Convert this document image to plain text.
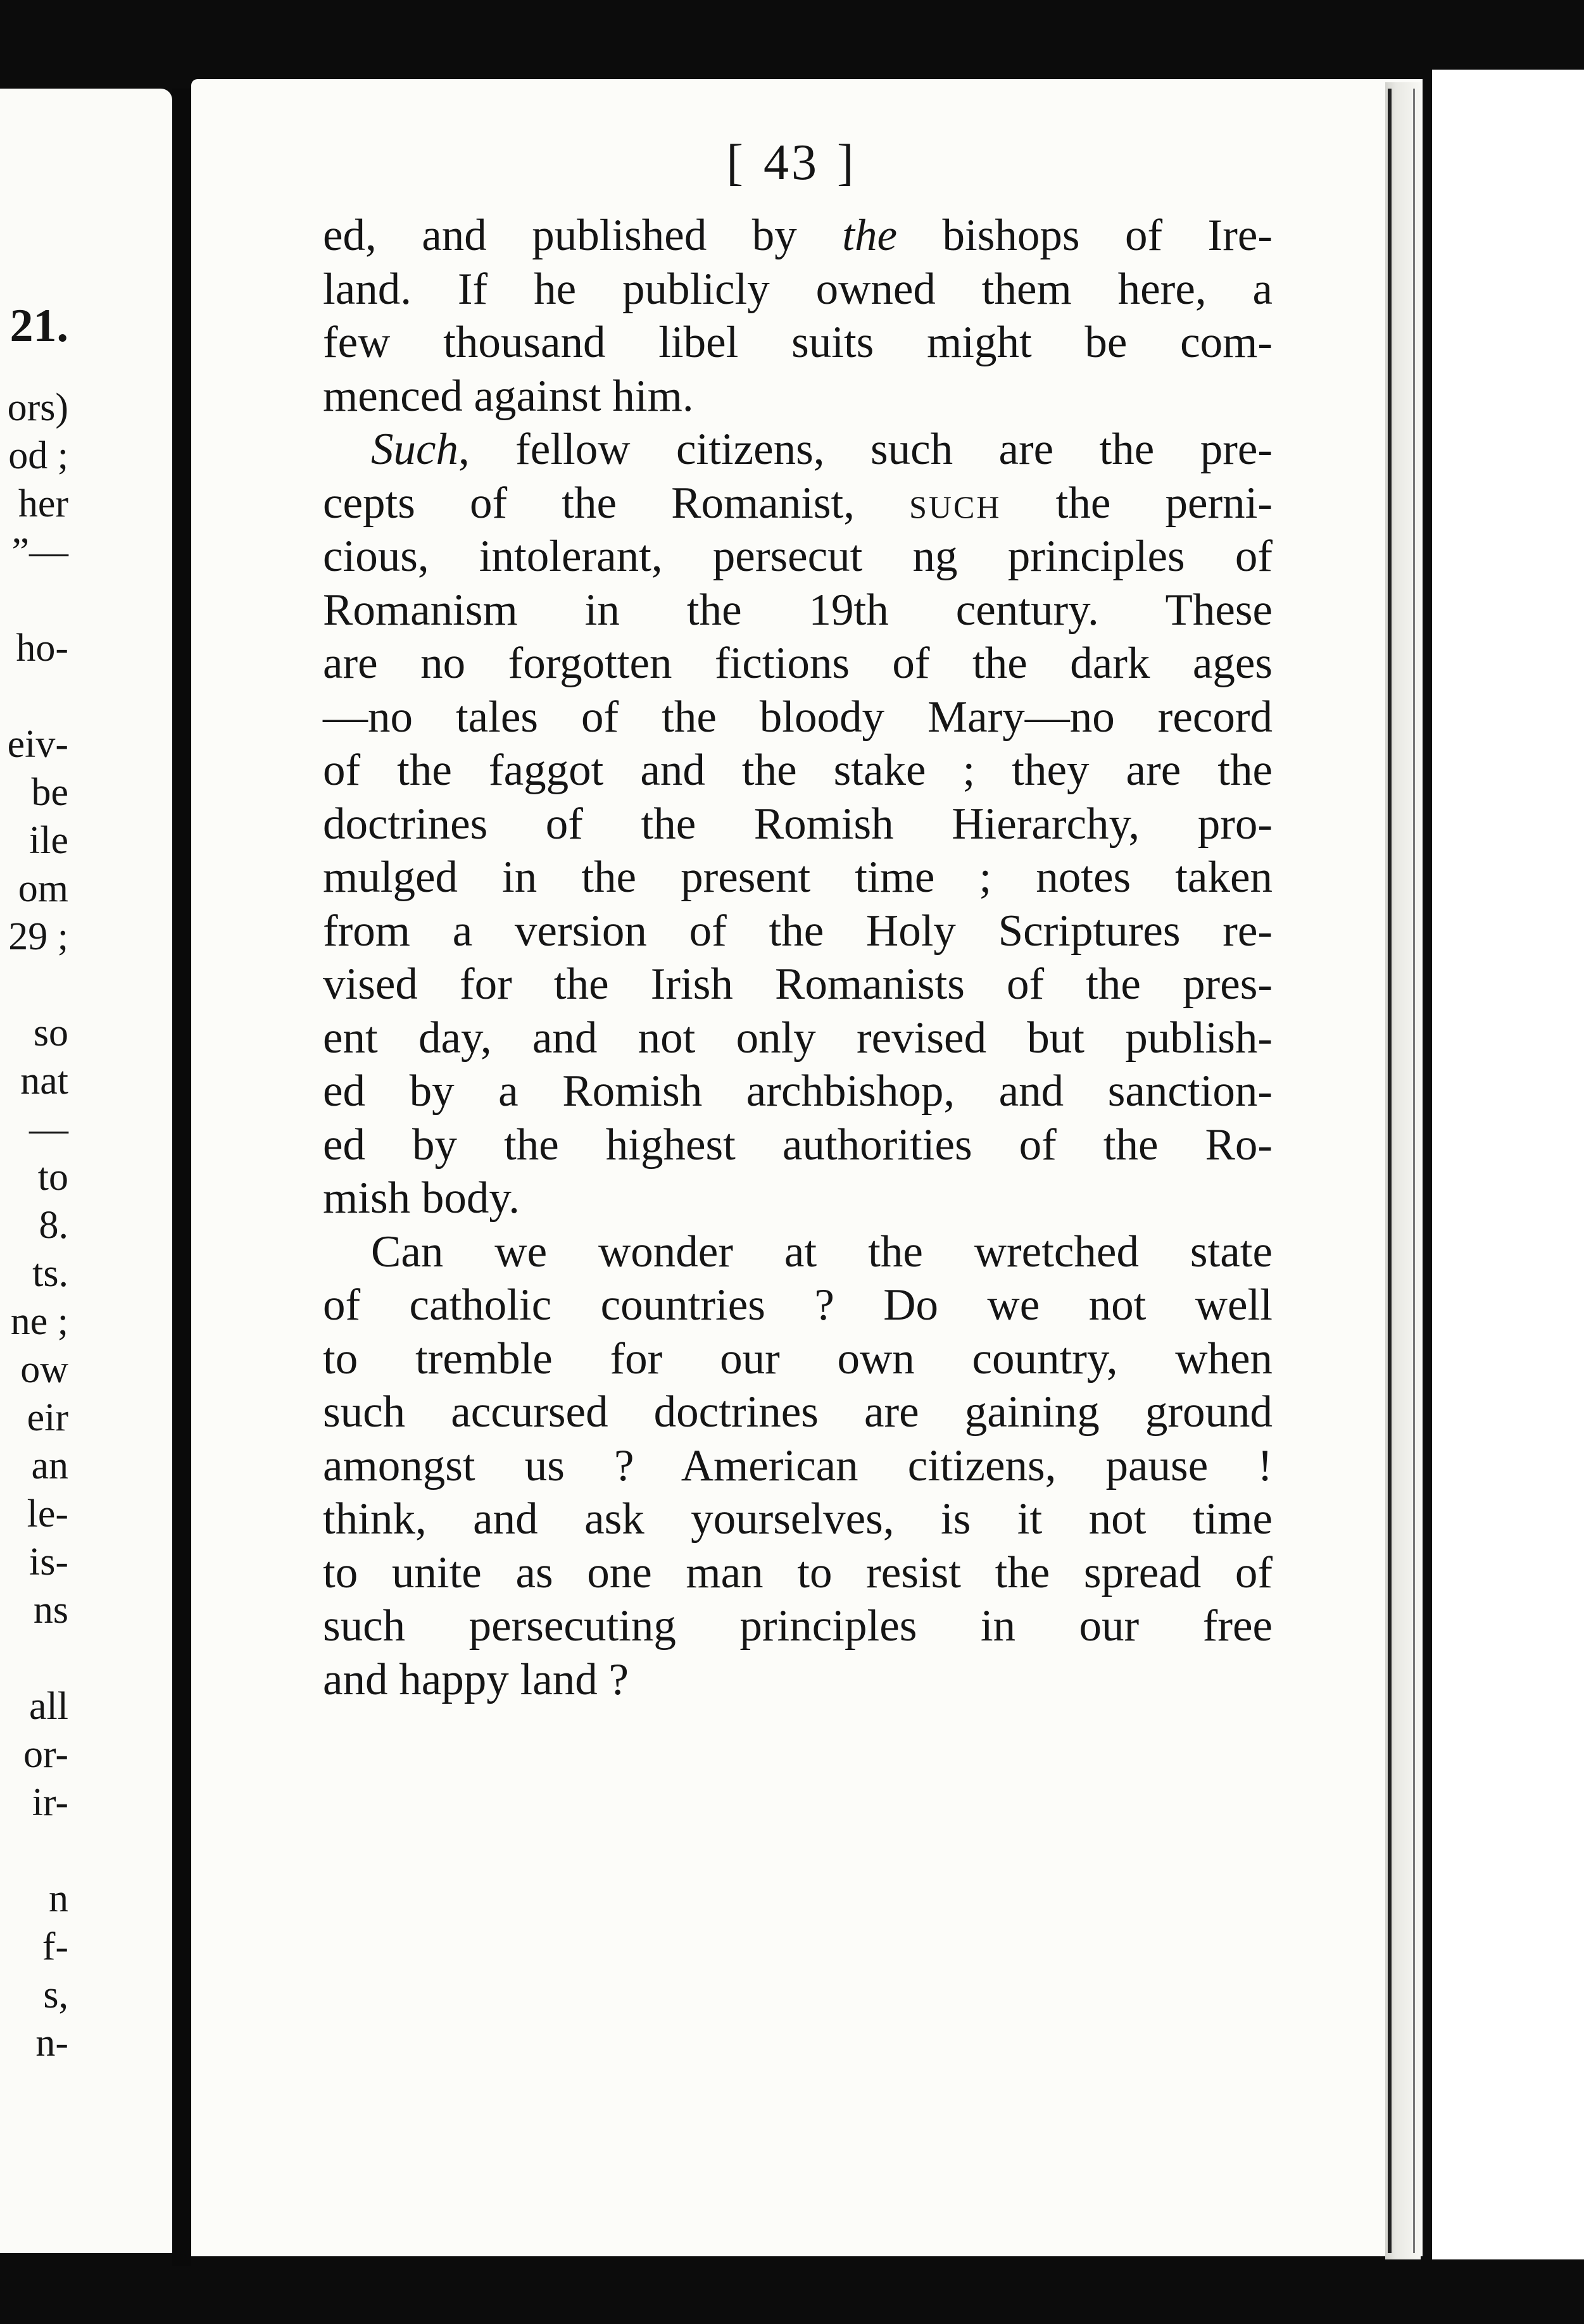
21.
ors)
od ;
her
”—
ho-
eiv-
be
ile
om
29 ;
so
nat
—
to
8.
ts.
ne ;
ow
eir
an
le-
is-
ns
all
or-
ir-
n
f-
s,
n-
[ 43 ]
ed, and published by the bishops of Ire-
land. If he publicly owned them here, a
few thousand libel suits might be com-
menced against him.
Such, fellow citizens, such are the pre-
cepts of the Romanist, such the perni-
cious, intolerant, persecut ng principles of
Romanism in the 19th century. These
are no forgotten fictions of the dark ages
—no tales of the bloody Mary—no record
of the faggot and the stake ; they are the
doctrines of the Romish Hierarchy, pro-
mulged in the present time ; notes taken
from a version of the Holy Scriptures re-
vised for the Irish Romanists of the pres-
ent day, and not only revised but publish-
ed by a Romish archbishop, and sanction-
ed by the highest authorities of the Ro-
mish body.
Can we wonder at the wretched state
of catholic countries ? Do we not well
to tremble for our own country, when
such accursed doctrines are gaining ground
amongst us ? American citizens, pause !
think, and ask yourselves, is it not time
to unite as one man to resist the spread of
such persecuting principles in our free
and happy land ?
